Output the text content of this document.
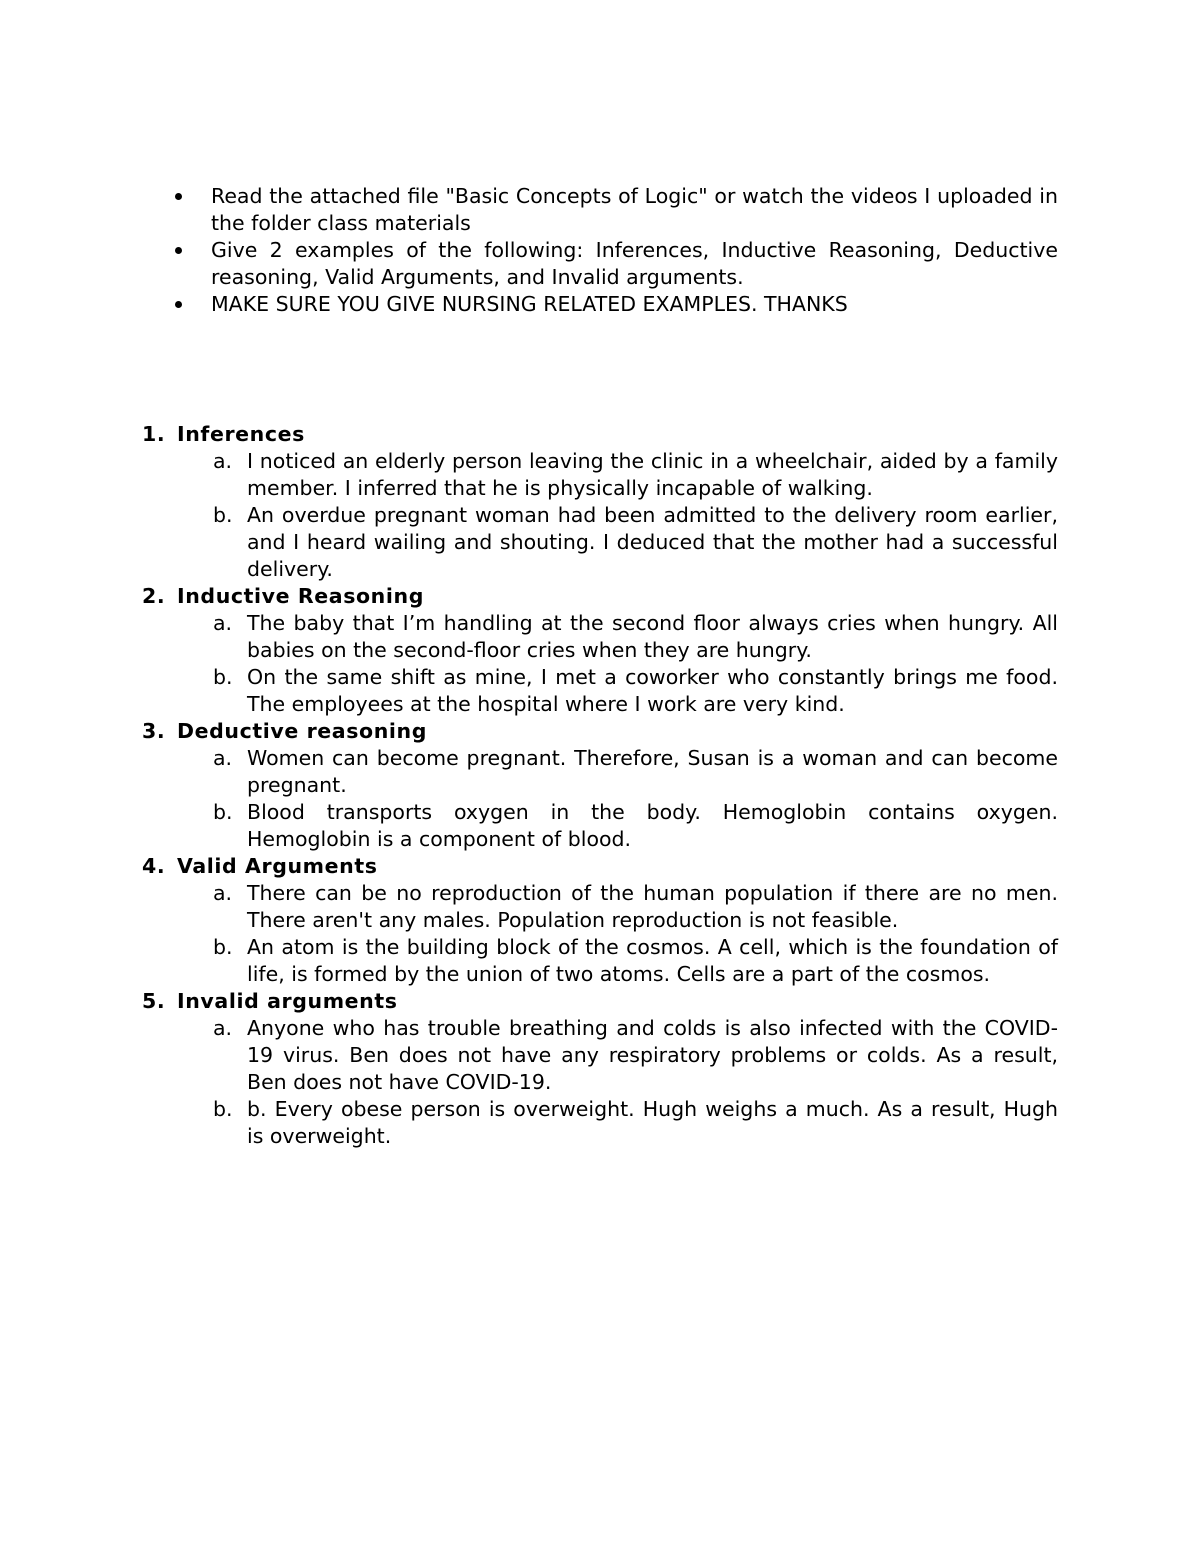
Read the attached file "Basic Concepts of Logic" or watch the videos I uploaded in the folder class materials
Give 2 examples of the following: Inferences, Inductive Reasoning, Deductive reasoning, Valid Arguments, and Invalid arguments.
MAKE SURE YOU GIVE NURSING RELATED EXAMPLES. THANKS
1. Inferences
a. I noticed an elderly person leaving the clinic in a wheelchair, aided by a family member. I inferred that he is physically incapable of walking.
b. An overdue pregnant woman had been admitted to the delivery room earlier, and I heard wailing and shouting. I deduced that the mother had a successful delivery.
2. Inductive Reasoning
a. The baby that I’m handling at the second floor always cries when hungry. All babies on the second-floor cries when they are hungry.
b. On the same shift as mine, I met a coworker who constantly brings me food. The employees at the hospital where I work are very kind.
3. Deductive reasoning
a. Women can become pregnant. Therefore, Susan is a woman and can become pregnant.
b. Blood transports oxygen in the body. Hemoglobin contains oxygen. Hemoglobin is a component of blood.
4. Valid Arguments
a. There can be no reproduction of the human population if there are no men. There aren't any males. Population reproduction is not feasible.
b. An atom is the building block of the cosmos. A cell, which is the foundation of life, is formed by the union of two atoms. Cells are a part of the cosmos.
5. Invalid arguments
a. Anyone who has trouble breathing and colds is also infected with the COVID-19 virus. Ben does not have any respiratory problems or colds. As a result, Ben does not have COVID-19.
b. b. Every obese person is overweight. Hugh weighs a much. As a result, Hugh is overweight.
